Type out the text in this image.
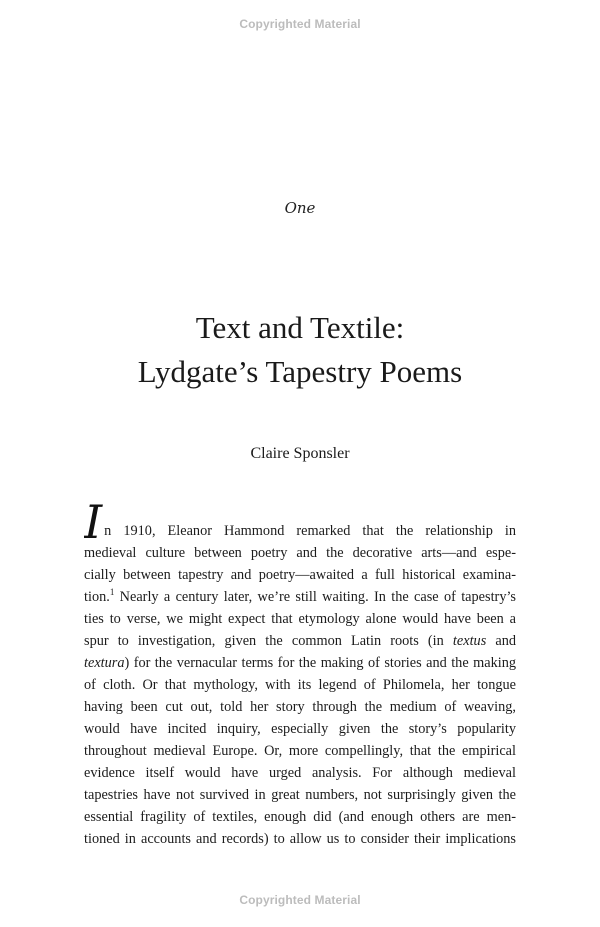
Copyrighted Material
One
Text and Textile:
Lydgate’s Tapestry Poems
Claire Sponsler
I n 1910, Eleanor Hammond remarked that the relationship in
medieval culture between poetry and the decorative arts—and espe-
cially between tapestry and poetry—awaited a full historical examina-
tion.$^1$ Nearly a century later, we’re still waiting. In the case of tapestry’s
ties to verse, we might expect that etymology alone would have been a
spur to investigation, given the common Latin roots (in textus and
textura) for the vernacular terms for the making of stories and the making
of cloth. Or that mythology, with its legend of Philomela, her tongue
having been cut out, told her story through the medium of weaving,
would have incited inquiry, especially given the story’s popularity
throughout medieval Europe. Or, more compellingly, that the empirical
evidence itself would have urged analysis. For although medieval
tapestries have not survived in great numbers, not surprisingly given the
essential fragility of textiles, enough did (and enough others are men-
tioned in accounts and records) to allow us to consider their implications
Copyrighted Material
